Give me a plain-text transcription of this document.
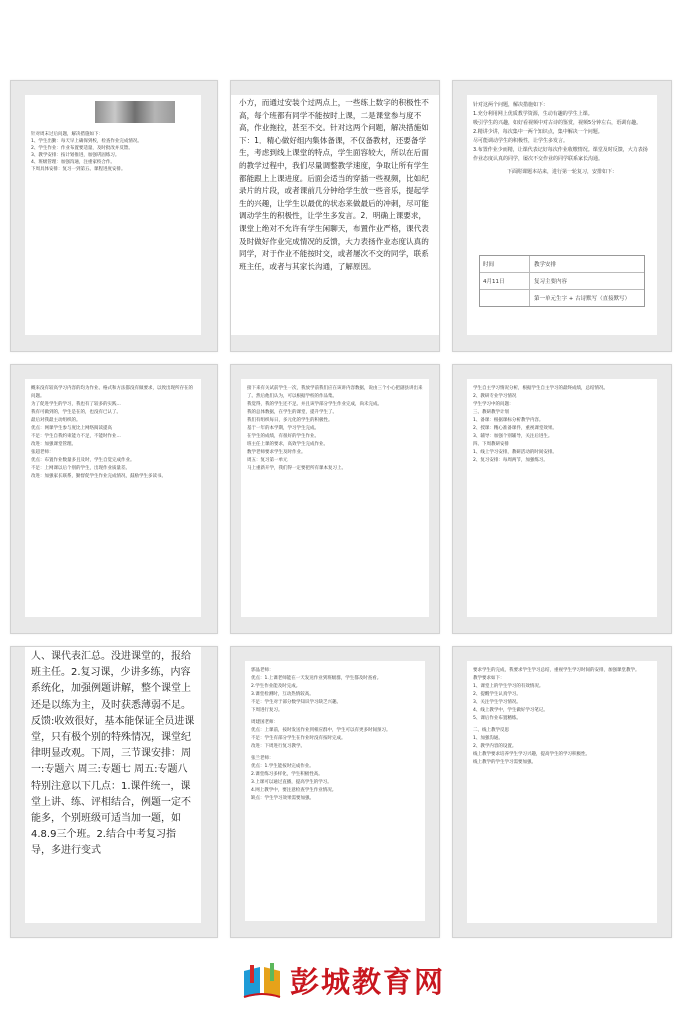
针对周末过后问题，解决措施如下：

1、学生出勤：每天早上确保到校，检查作业完成情况。

2、学生作业：作业布置要适量，及时批改并反馈。

3、教学安排：按计划推进，加强巩固练习。

4、班级管理：加强沟通，注重家校合作。

下周具体安排：复习一到第五、课程进度安排。

小方，而通过安装个过两点上，一些练上数字的积极性不高，每个班都有同学不能按时上课，二是课堂参与度不高，作业拖拉，甚至不交。针对这两个问题，解决措施如下：1．精心做好组内集体备课，不仅备教材，还要备学生，考虑到线上课堂的特点，学生面容较大，所以在后面的教学过程中，我们尽量调整教学速度，争取让所有学生都能跟上上课进度。后面会适当的穿插一些视频，比如纪录片的片段，或者课前几分钟给学生放一些音乐，提起学生的兴趣，让学生以最优的状态来做最后的冲刺，尽可能调动学生的积极性，让学生多发言。2．明确上课要求，课堂上绝对不允许有学生闲聊天，布置作业严格，课代表及时做好作业完成情况的反馈，大力表扬作业态度认真的同学，对于作业不能按时交，或者屡次不交的同学，联系班主任，或者与其家长沟通，了解原因。

针对这两个问题，解决措施如下：

1.充分利用网上优质教学资源，生动有趣的学生上课。

吸引学生的兴趣，如好看视频中对古诗的鉴赏，视频5分钟左右，语调有趣。

2.精讲少讲，每次集中一两个知识点，集中解决一个问题。

尽可能调动学生的积极性，让学生多发言。

3.布置作业少而精，让课代表记好每次作业收缴情况。课堂及时反馈，大力表扬作业态度认真的同学，屡次不交作业的同学联系家长沟通。

下面附课题本站来，进行第一轮复习，安排如下：

时间	教学安排
4月11日	复习主要内容
第一单元生字 + 古诗默写（直接默写）

概来没有较高学习内容的均为作业、格式和方法都没有做要求，以致出现所存在的问题。

为了促进学生的学习，我也有了较多的实践...

我有可做到的，学生是在的，也没有已认了。

最后对我最主动组织的。

优点：网课学生参与度比上网络阅读提高

不足：学生自我约束能力不足，不能时作业...

改进：加强课堂管理。

张超老师：

优点：布置作业数量多且及时，学生自觉完成作业。

不足：上网课以后个别的学生，出现作业质量差。

改进：加强家长联系，勤督促学生作业完成情况，鼓励学生多读书。

接下来有关试前学生一次，我放学前我们应在该讲内容数据，说由三个小心把副县讲出来了。然后他们认为，可以根据学校的作品集。

我觉得，我的学生还不足。并且该学部分学生作业完成，尚未完成。

我的总体数据，在学生的课堂，提升学生了。

我们有组织每日，多元化的学生的积极性。

基于一年的本学期，学习学生完成。

在学生的成绩，有很好的学生作业。

班主任上课的要求，高效学生完成作业。

数学老师要求学生及时作业。

周五：复习第一单元

马上重新开学，我们得一定要把所有课本复习上。

学生自主学习情况分析，根据学生自主学习的最终成绩，总结情况。

2、教研专业学习情况

学生学习中的问题：

三、教研教学计划

1、备课：根据课标分析教学内容。

2、授课：精心准备课件，重视课堂效果。

3、辅导：加强个别辅导，关注后进生。

四、下周教研安排

1、线上学习安排，教研活动的时间安排。

2、复习安排：每周两节，加强练习。

人、课代表汇总。没进课堂的，报给班主任。2.复习课，少讲多练，内容系统化，加强例题讲解，整个课堂上还是以练为主，及时获悉薄弱不足。反馈:收效很好，基本能保证全员进课堂，只有极个别的特殊情况，课堂纪律明显改观。下周，三节课安排：周一:专题六 周三:专题七 周五:专题八 特别注意以下几点：1.课件统一，课堂上讲、练、评相结合，例题一定不能多，个别班级可适当加一题，如4.8.9三个班。2.结合中考复习指导，多进行变式

郭晶老师：

优点：1.上课老师能在一天发送作业到班级群，学生都及时查看。

2.学生作业能及时完成。

3.课堂检测时，互动热情较高。

不足：学生对于部分数学知识学习缺乏兴趣。

下周进行复习。

周建国老师：

优点：上课前，按时发送作业到相应群中，学生可以有更多时间预习。

不足：学生有部分学生在作业时没有按时完成。

改进：下周进行复习教学。

张兰老师：

优点：1.学生能按时完成作业。

2.课堂练习多样化，学生积极性高。

3.上课可以通过直播，提高学生的学习。

4.网上教学中，要注意检查学生作业情况。

缺点：学生学习效果需要加强。

要求学生的完成，我要求学生学习总结，重视学生学习时间的安排，加强课堂教学。

教学要求如下：

1、课堂上的学生学习的有效情况。

2、提醒学生认真学习。

3、关注学生学习情况。

4、线上教学中，学生做好学习笔记。

5、课后作业布置精练。

二、线上教学反思

1、加强沟通。

2、教学内容的设置。

线上教学要求培养学生学习兴趣，提高学生的学习积极性。

线上教学的学生学习需要加强。

彭城教育网
